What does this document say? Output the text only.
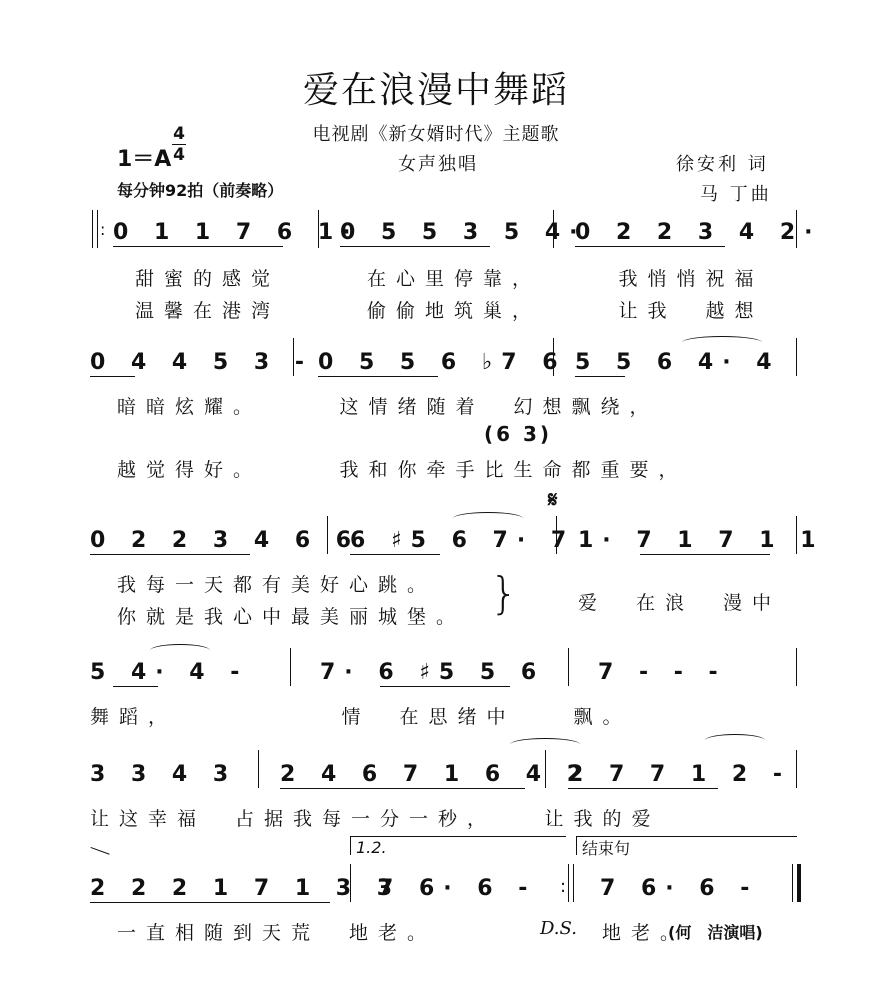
爱在浪漫中舞蹈
电视剧《新女婿时代》主题歌
女声独唱
1＝A
4
4
每分钟92拍（前奏略）
徐安利 词
马 丁曲
: 0 1 1 7 6 1·
0 5 5 3 5 4·
0 2 2 3 4 2·
甜蜜的感觉　　　在心里停靠，　　　我悄悄祝福
温馨在港湾　　　偷偷地筑巢，　　　让我　越想
0 4 4 5 3 - 0 5 5 6 ♭7 6 5 5 6 4· 4
暗暗炫耀。　　　这情绪随着　幻想飘绕，
(6 3)
越觉得好。　　　我和你牵手比生命都重要，
𝄋
0 2 2 3 4 6 6
6 ♯5 6 7· 7 1· 7 1 7 1 1
我每一天都有美好心跳。
你就是我心中最美丽城堡。 }	爱　在浪　漫中
5 4· 4 -	7· 6 ♯5 5 6 7 - - -
舞蹈，　　　　　　情　在思绪中　　飘。
3 3 4 3 2 4 6 7 1 6 4 2
2 7 7 1 2 -
让这幸福　占据我每一分一秒，　　让我的爱
2 2 2 1 7 1 3 3
1.2.
7 6· 6 - :
结束句
7 6· 6 -
一直相随到天荒　地老。	D.S. 地老。
(何　洁演唱)
